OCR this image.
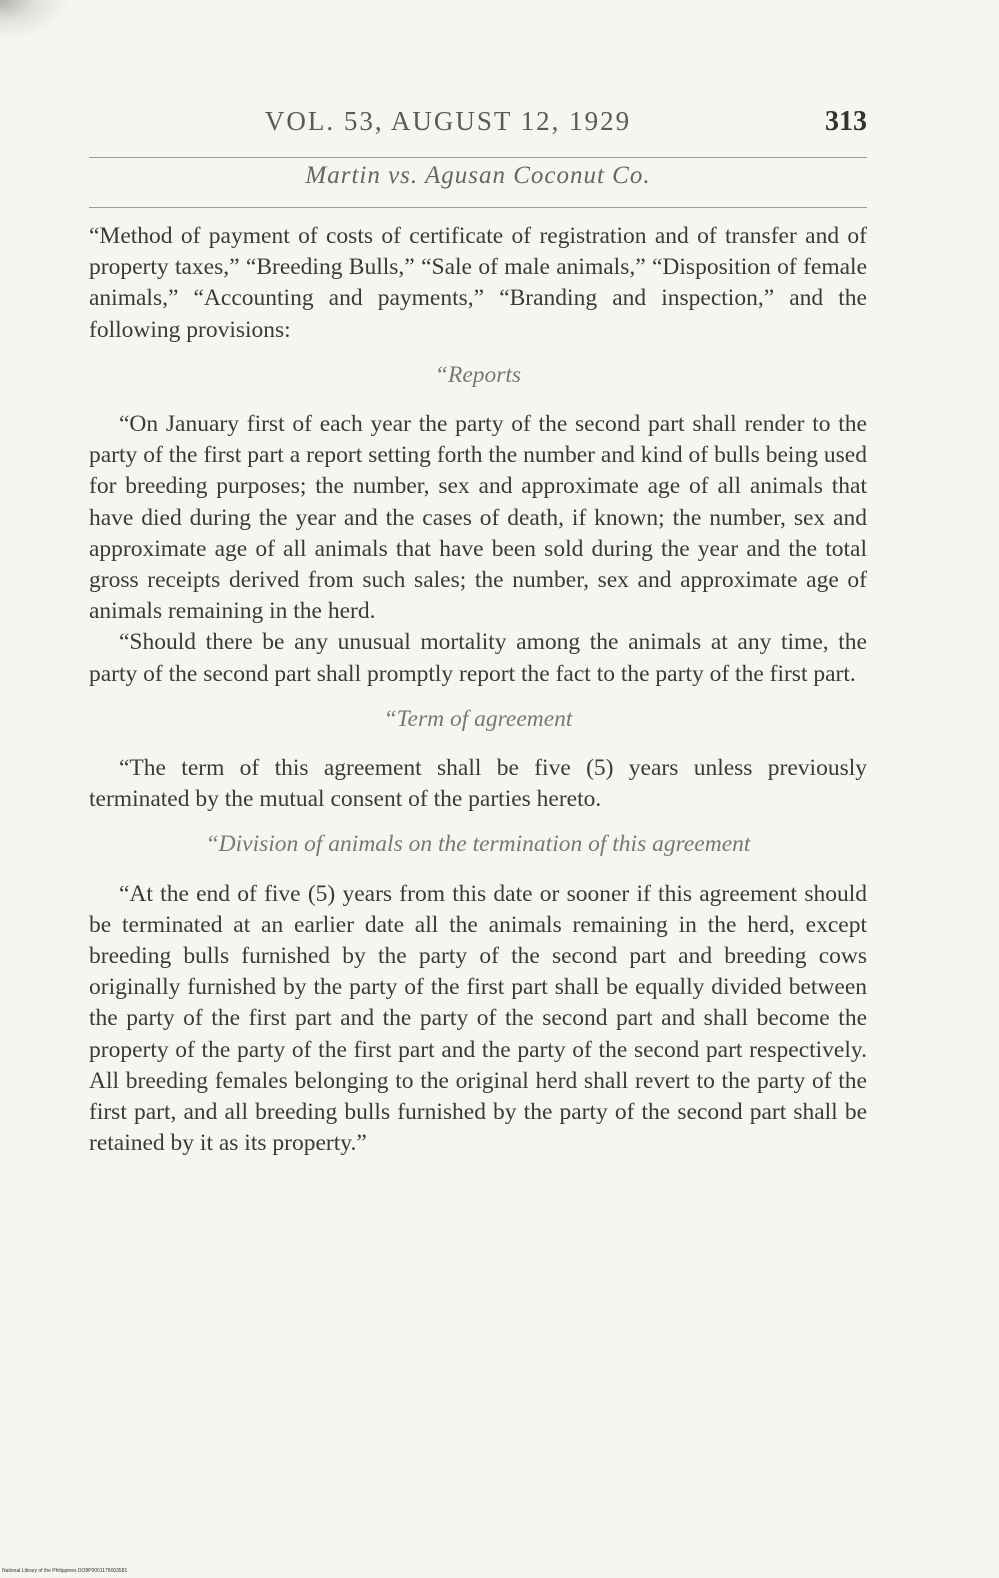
VOL. 53, AUGUST 12, 1929	313
Martin vs. Agusan Coconut Co.

“Method of payment of costs of certificate of registration and of transfer and of property taxes,” “Breeding Bulls,” “Sale of male animals,” “Disposition of female animals,” “Accounting and payments,” “Branding and inspection,” and the following provisions:

“Reports

“On January first of each year the party of the second part shall render to the party of the first part a report setting forth the number and kind of bulls being used for breeding purposes; the number, sex and approximate age of all animals that have died during the year and the cases of death, if known; the number, sex and approximate age of all animals that have been sold during the year and the total gross receipts derived from such sales; the number, sex and approximate age of animals remaining in the herd.

“Should there be any unusual mortality among the animals at any time, the party of the second part shall promptly report the fact to the party of the first part.

“Term of agreement

“The term of this agreement shall be five (5) years unless previously terminated by the mutual consent of the parties hereto.

“Division of animals on the termination of this agreement

“At the end of five (5) years from this date or sooner if this agreement should be terminated at an earlier date all the animals remaining in the herd, except breeding bulls furnished by the party of the second part and breeding cows originally furnished by the party of the first part shall be equally divided between the party of the first part and the party of the second part and shall become the property of the party of the first part and the party of the second part respectively. All breeding females belonging to the original herd shall revert to the party of the first part, and all breeding bulls furnished by the party of the second part shall be retained by it as its property.”

National Library of the Philippines DO8P0001179003581
